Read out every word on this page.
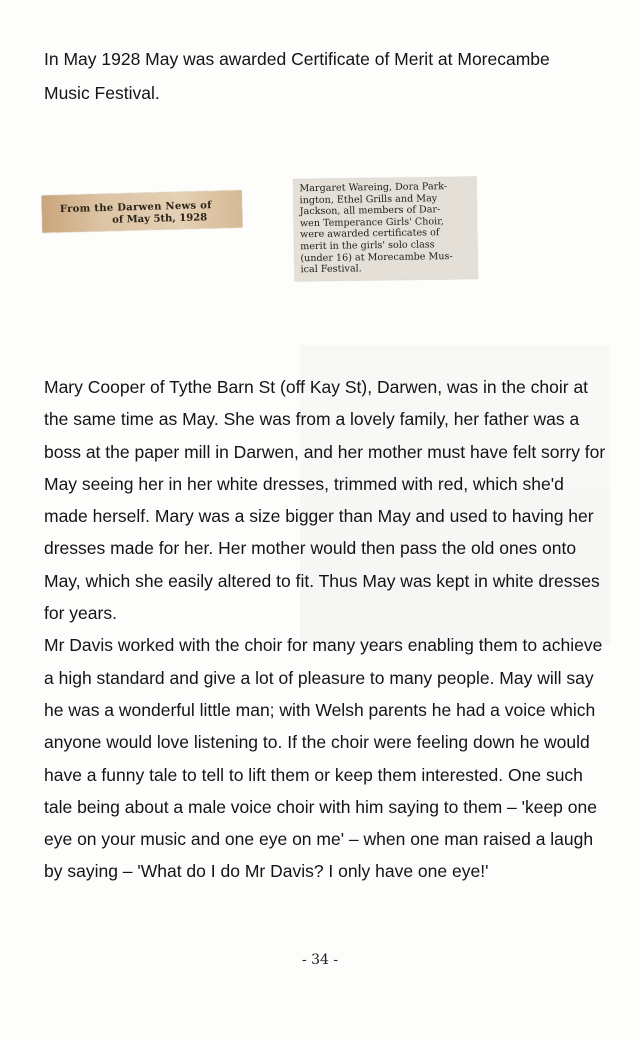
In May 1928 May was awarded Certificate of Merit at Morecambe
Music Festival.

From the Darwen News of
of May 5th, 1928

Margaret Wareing, Dora Park-

ington, Ethel Grills and May

Jackson, all members of Dar-

wen Temperance Girls' Choir,

were awarded certificates of

merit in the girls' solo class

(under 16) at Morecambe Mus-

ical Festival.

Mary Cooper of Tythe Barn St (off Kay St), Darwen, was in the choir at the same time as May. She was from a lovely family, her father was a boss at the paper mill in Darwen, and her mother must have felt sorry for May seeing her in her white dresses, trimmed with red, which she'd made herself. Mary was a size bigger than May and used to having her dresses made for her. Her mother would then pass the old ones onto May, which she easily altered to fit. Thus May was kept in white dresses for years.

Mr Davis worked with the choir for many years enabling them to achieve a high standard and give a lot of pleasure to many people. May will say he was a wonderful little man; with Welsh parents he had a voice which anyone would love listening to. If the choir were feeling down he would have a funny tale to tell to lift them or keep them interested. One such tale being about a male voice choir with him saying to them – 'keep one eye on your music and one eye on me' – when one man raised a laugh by saying – 'What do I do Mr Davis? I only have one eye!'

- 34 -
